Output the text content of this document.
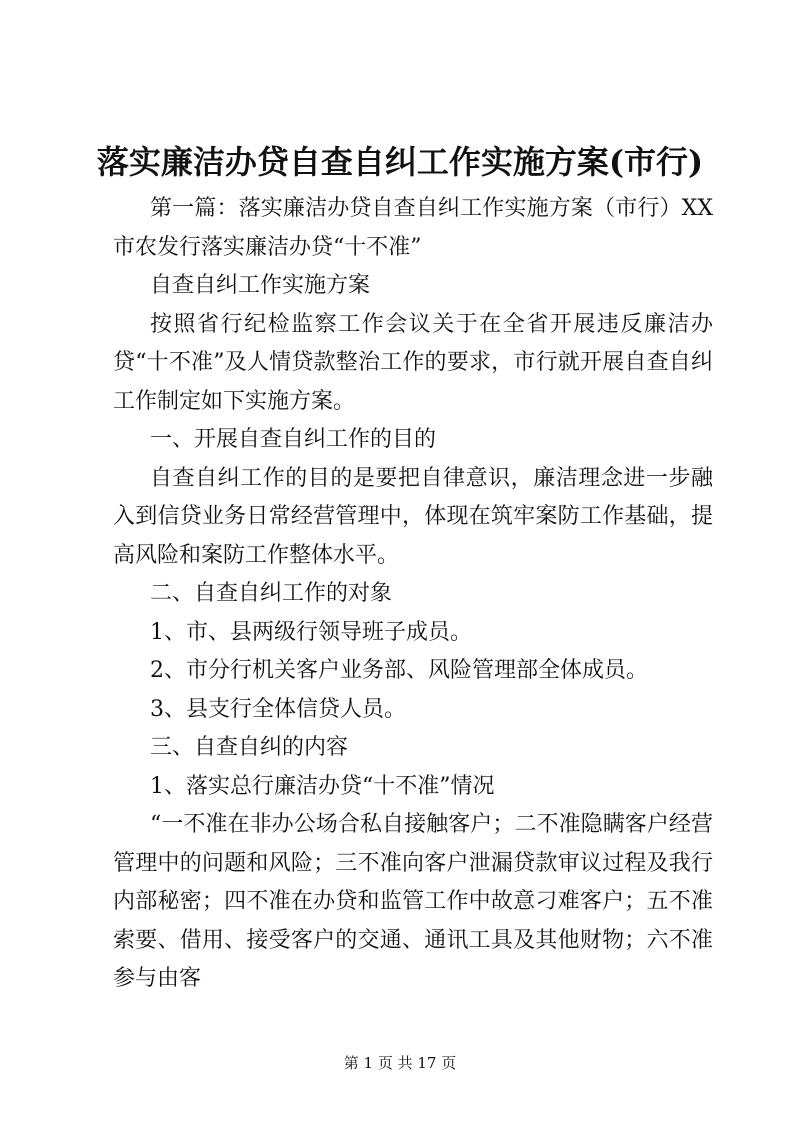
落实廉洁办贷自查自纠工作实施方案(市行)

第一篇：落实廉洁办贷自查自纠工作实施方案（市行）XX市农发行落实廉洁办贷“十不准”

自查自纠工作实施方案

按照省行纪检监察工作会议关于在全省开展违反廉洁办贷“十不准”及人情贷款整治工作的要求，市行就开展自查自纠工作制定如下实施方案。

一、开展自查自纠工作的目的

自查自纠工作的目的是要把自律意识，廉洁理念进一步融入到信贷业务日常经营管理中，体现在筑牢案防工作基础，提高风险和案防工作整体水平。

二、自查自纠工作的对象

1、市、县两级行领导班子成员。

2、市分行机关客户业务部、风险管理部全体成员。

3、县支行全体信贷人员。

三、自查自纠的内容

1、落实总行廉洁办贷“十不准”情况

“一不准在非办公场合私自接触客户；二不准隐瞒客户经营管理中的问题和风险；三不准向客户泄漏贷款审议过程及我行内部秘密；四不准在办贷和监管工作中故意刁难客户；五不准索要、借用、接受客户的交通、通讯工具及其他财物；六不准参与由客

第 1 页 共 17 页
